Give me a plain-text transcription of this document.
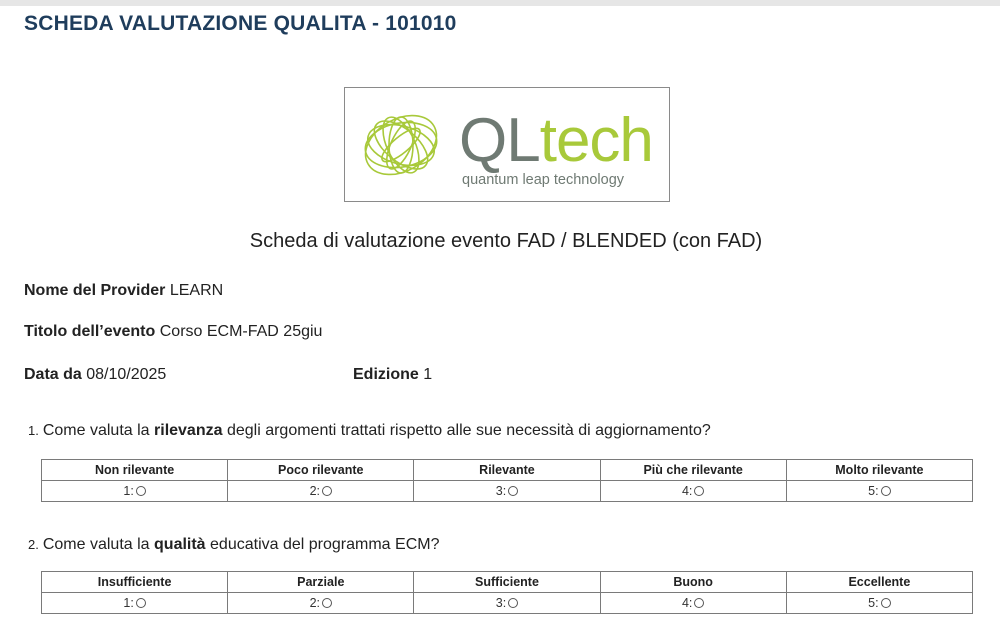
SCHEDA VALUTAZIONE QUALITA - 101010
QLtech
quantum leap technology
Scheda di valutazione evento FAD / BLENDED (con FAD)
Nome del Provider LEARN
Titolo dell’evento Corso ECM-FAD 25giu
Data da 08/10/2025	Edizione 1
1. Come valuta la rilevanza degli argomenti trattati rispetto alle sue necessità di aggiornamento?
Non rilevante	Poco rilevante	Rilevante	Più che rilevante	Molto rilevante
1:	2:	3:	4:	5:
2. Come valuta la qualità educativa del programma ECM?
Insufficiente	Parziale	Sufficiente	Buono	Eccellente
1:	2:	3:	4:	5:
